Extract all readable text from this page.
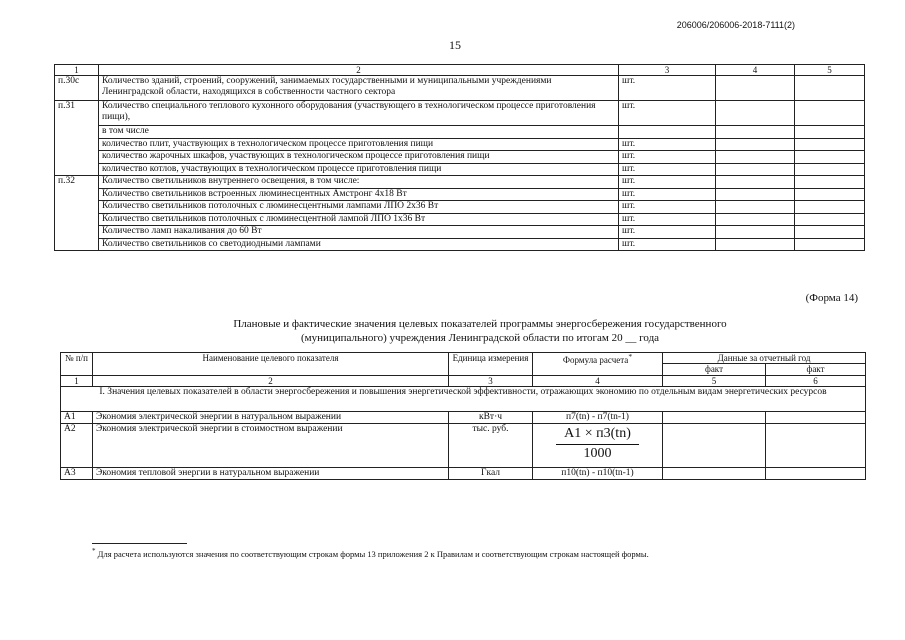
206006/206006-2018-7111(2)
15
1	2	3	4	5
п.30с	Количество зданий, строений, сооружений, занимаемых государственными и муниципальными учреждениями Ленинградской области, находящихся в собственности частного сектора	шт.		
п.31	Количество специального теплового кухонного оборудования (участвующего в технологическом процессе приготовления пищи),	шт.		
	в том числе			
	количество плит, участвующих в технологическом процессе приготовления пищи	шт.		
	количество жарочных шкафов, участвующих в технологическом процессе приготовления пищи	шт.		
	количество котлов, участвующих в технологическом процессе приготовления пищи	шт.		
п.32	Количество светильников внутреннего освещения, в том числе:	шт.		
	Количество светильников встроенных люминесцентных Амстронг 4х18 Вт	шт.		
	Количество светильников потолочных с люминесцентными лампами ЛПО 2х36 Вт	шт.		
	Количество светильников потолочных с люминесцентной лампой ЛПО 1х36 Вт	шт.		
	Количество ламп накаливания до 60 Вт	шт.		
	Количество светильников со светодиодными лампами	шт.		
(Форма 14)
Плановые и фактические значения целевых показателей программы энергосбережения государственного
(муниципального) учреждения Ленинградской области по итогам 20 __ года
№ п/п	Наименование целевого показателя	Единица измерения	Формула расчета*	Данные за отчетный год	
				факт	факт
1	2	3	4	5	6
I. Значения целевых показателей в области энергосбережения и повышения энергетической эффективности, отражающих экономию по отдельным видам энергетических ресурсов					
А1	Экономия электрической энергии в натуральном выражении	кВт·ч	п7(tn) - п7(tn-1)		
А2	Экономия электрической энергии в стоимостном выражении	тыс. руб.	$\frac{А1 \times п3(tn)}{1000}$

А3	Экономия тепловой энергии в натуральном выражении	Гкал	п10(tn) - п10(tn-1)		
* Для расчета используются значения по соответствующим строкам формы 13 приложения 2 к Правилам и соответствующим строкам настоящей формы.
